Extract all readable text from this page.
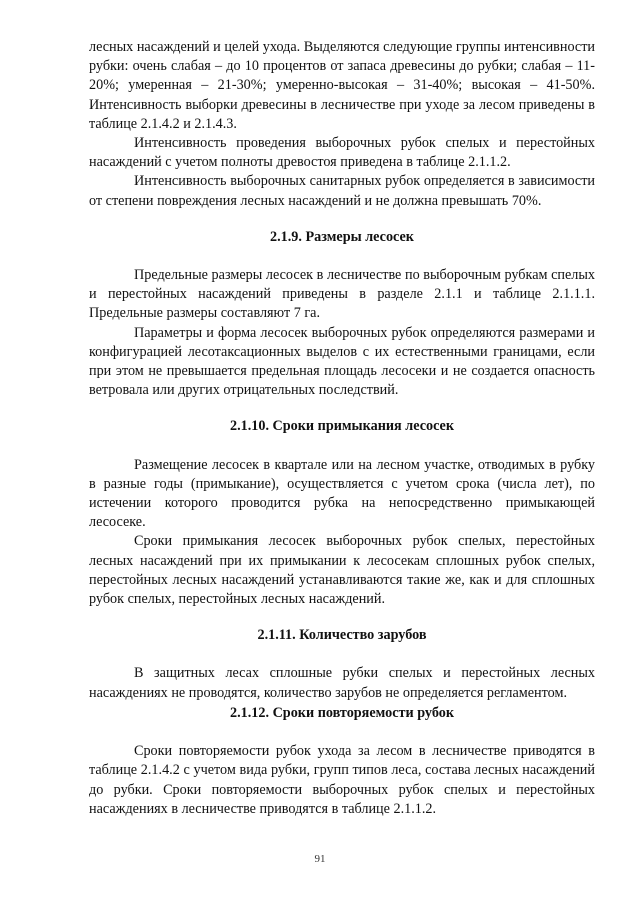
лесных насаждений и целей ухода. Выделяются следующие группы интенсивности рубки: очень слабая – до 10 процентов от запаса древесины до рубки; слабая – 11-20%; умеренная – 21-30%; умеренно-высокая – 31-40%; высокая – 41-50%. Интенсивность выборки древесины в лесничестве при уходе за лесом приведены в таблице 2.1.4.2 и 2.1.4.3.

Интенсивность проведения выборочных рубок спелых и перестойных насаждений с учетом полноты древостоя приведена в таблице 2.1.1.2.

Интенсивность выборочных санитарных рубок определяется в зависимости от степени повреждения лесных насаждений и не должна превышать 70%.

2.1.9. Размеры лесосек

Предельные размеры лесосек в лесничестве по выборочным рубкам спелых и перестойных насаждений приведены в разделе 2.1.1 и таблице 2.1.1.1. Предельные размеры составляют 7 га.

Параметры и форма лесосек выборочных рубок определяются размерами и конфигурацией лесотаксационных выделов с их естественными границами, если при этом не превышается предельная площадь лесосеки и не создается опасность ветровала или других отрицательных последствий.

2.1.10. Сроки примыкания лесосек

Размещение лесосек в квартале или на лесном участке, отводимых в рубку в разные годы (примыкание), осуществляется с учетом срока (числа лет), по истечении которого проводится рубка на непосредственно примыкающей лесосеке.

Сроки примыкания лесосек выборочных рубок спелых, перестойных лесных насаждений при их примыкании к лесосекам сплошных рубок спелых, перестойных лесных насаждений устанавливаются такие же, как и для сплошных рубок спелых, перестойных лесных насаждений.

2.1.11. Количество зарубов

В защитных лесах сплошные рубки спелых и перестойных лесных насаждениях не проводятся, количество зарубов не определяется регламентом.

2.1.12. Сроки повторяемости рубок

Сроки повторяемости рубок ухода за лесом в лесничестве приводятся в таблице 2.1.4.2 с учетом вида рубки, групп типов леса, состава лесных насаждений до рубки. Сроки повторяемости выборочных рубок спелых и перестойных насаждениях в лесничестве приводятся в таблице 2.1.1.2.

91
